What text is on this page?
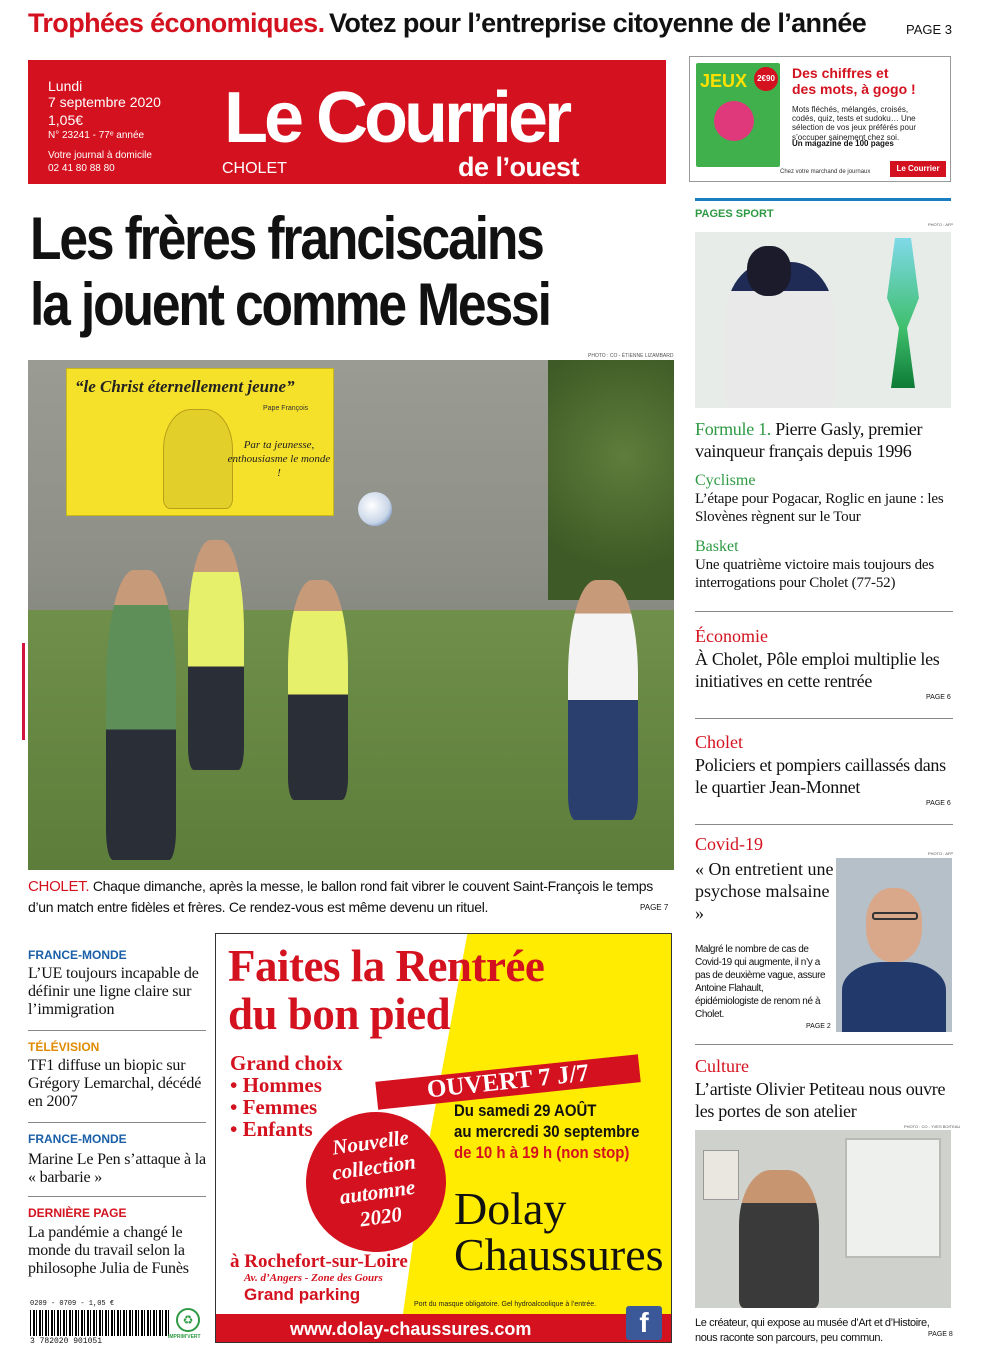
Trophées économiques. Votez pour l’entreprise citoyenne de l’année	PAGE 3
Lundi
7 septembre 2020
1,05€
N° 23241 - 77ᵉ année
Votre journal à domicile
02 41 80 88 80
Le Courrier
de l’ouest
CHOLET
JEUX	2€90 Des chiffres et
des mots, à gogo !
Mots fléchés, mélangés, croisés, codés, quiz, tests et sudoku… Une sélection de vos jeux préférés pour s’occuper sainement chez soi.
Un magazine de 100 pages
Chez votre marchand de journaux	Le Courrier
Les frères franciscains
la jouent comme Messi
PHOTO : CO - ÉTIENNE LIZAMBARD
“le Christ éternellement jeune”
Pape François
Par ta jeunesse,
enthousiasme le monde !
CHOLET. Chaque dimanche, après la messe, le ballon rond fait vibrer le couvent Saint-François le temps d’un match entre fidèles et frères. Ce rendez-vous est même devenu un rituel.	PAGE 7
FRANCE-MONDE
L’UE toujours incapable de définir une ligne claire sur l’immigration
TÉLÉVISION
TF1 diffuse un biopic sur Grégory Lemarchal, décédé en 2007
FRANCE-MONDE
Marine Le Pen s’attaque à la « barbarie »
DERNIÈRE PAGE
La pandémie a changé le monde du travail selon la philosophe Julia de Funès
Faites la Rentrée
du bon pied
Grand choix
• Hommes
• Femmes
• Enfants
OUVERT 7 J/7
Du samedi 29 AOÛT
au mercredi 30 septembre
de 10 h à 19 h (non stop)
Nouvelle
collection
automne
2020	Dolay
Chaussures
à Rochefort-sur-Loire
Av. d’Angers - Zone des Gours
Grand parking
Port du masque obligatoire. Gel hydroalcoolique à l’entrée.
www.dolay-chaussures.com	f
0209 - 0709 - 1,05 €
3 782020 901051
♻
IMPRIM'VERT
PAGES SPORT
PHOTO : AFP
Formule 1. Pierre Gasly, premier vainqueur français depuis 1996
Cyclisme
L’étape pour Pogacar, Roglic en jaune : les Slovènes règnent sur le Tour
Basket
Une quatrième victoire mais toujours des interrogations pour Cholet (77-52)
Économie
À Cholet, Pôle emploi multiplie les initiatives en cette rentrée
PAGE 6
Cholet
Policiers et pompiers caillassés dans le quartier Jean-Monnet
PAGE 6
Covid-19	PHOTO : AFP
« On entretient une psychose malsaine »
Malgré le nombre de cas de Covid-19 qui augmente, il n’y a pas de deuxième vague, assure Antoine Flahault, épidémiologiste de renom né à Cholet.
PAGE 2
Culture
L’artiste Olivier Petiteau nous ouvre les portes de son atelier
PHOTO : CO - YVES BOITEAU
Le créateur, qui expose au musée d’Art et d’Histoire, nous raconte son parcours, peu commun.	PAGE 8
